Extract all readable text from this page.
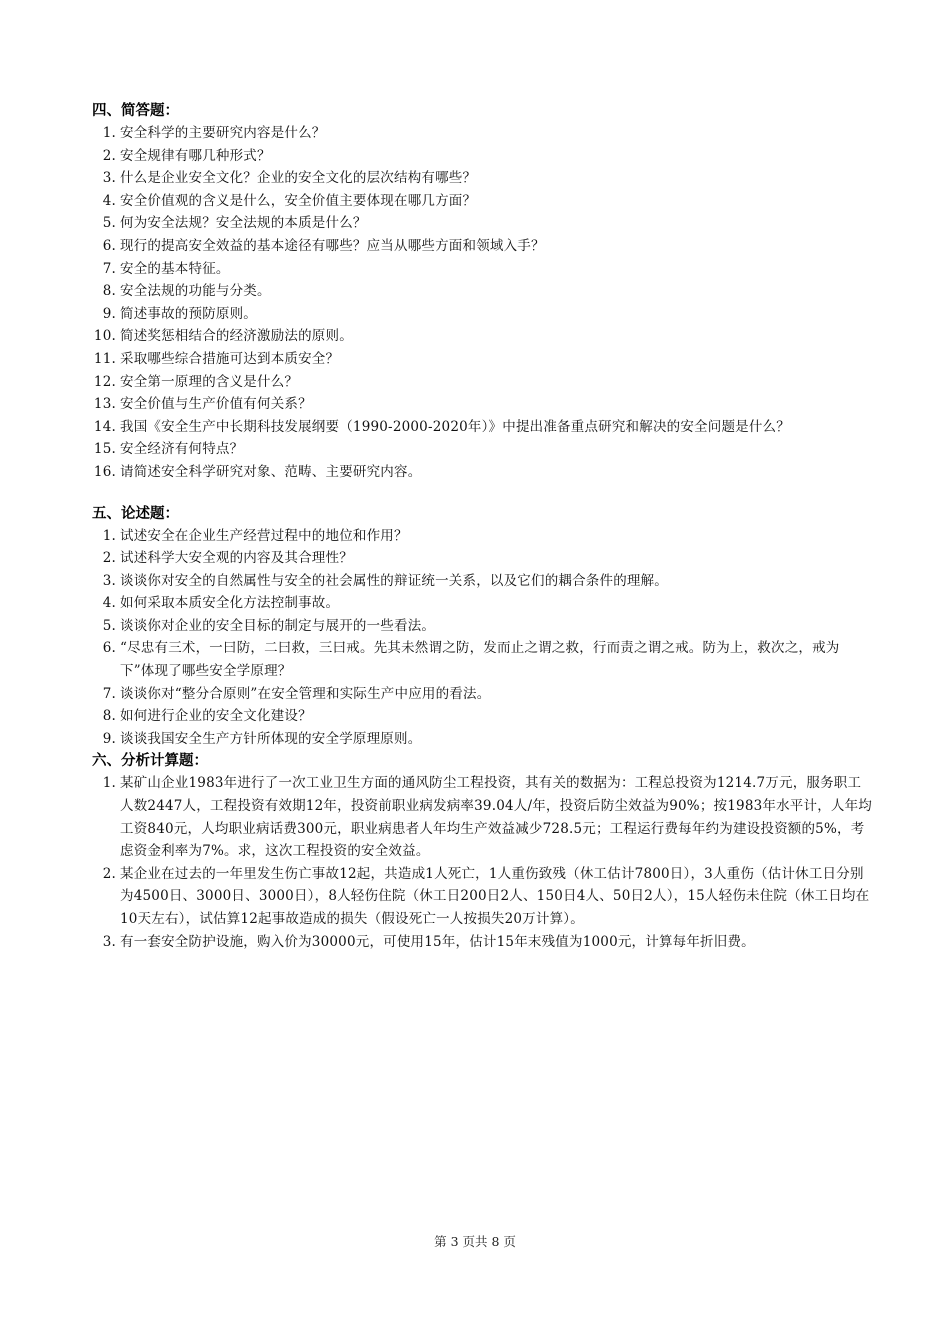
四、简答题：
1. 安全科学的主要研究内容是什么？
2. 安全规律有哪几种形式？
3. 什么是企业安全文化？企业的安全文化的层次结构有哪些？
4. 安全价值观的含义是什么，安全价值主要体现在哪几方面？
5. 何为安全法规？安全法规的本质是什么？
6. 现行的提高安全效益的基本途径有哪些？应当从哪些方面和领域入手？
7. 安全的基本特征。
8. 安全法规的功能与分类。
9. 简述事故的预防原则。
10. 简述奖惩相结合的经济激励法的原则。
11. 采取哪些综合措施可达到本质安全？
12. 安全第一原理的含义是什么？
13. 安全价值与生产价值有何关系？
14. 我国《安全生产中长期科技发展纲要（1990-2000-2020年）》中提出准备重点研究和解决的安全问题是什么？
15. 安全经济有何特点？
16. 请简述安全科学研究对象、范畴、主要研究内容。
五、论述题：
1. 试述安全在企业生产经营过程中的地位和作用？
2. 试述科学大安全观的内容及其合理性？
3. 谈谈你对安全的自然属性与安全的社会属性的辩证统一关系，以及它们的耦合条件的理解。
4. 如何采取本质安全化方法控制事故。
5. 谈谈你对企业的安全目标的制定与展开的一些看法。
6. “尽忠有三术，一曰防，二曰救，三曰戒。先其未然谓之防，发而止之谓之救，行而责之谓之戒。防为上，救次之，戒为下”体现了哪些安全学原理？
7. 谈谈你对“整分合原则”在安全管理和实际生产中应用的看法。
8. 如何进行企业的安全文化建设？
9. 谈谈我国安全生产方针所体现的安全学原理原则。
六、分析计算题：
1. 某矿山企业1983年进行了一次工业卫生方面的通风防尘工程投资，其有关的数据为：工程总投资为1214.7万元，服务职工人数2447人，工程投资有效期12年，投资前职业病发病率39.04人/年，投资后防尘效益为90%；按1983年水平计，人年均工资840元，人均职业病话费300元，职业病患者人年均生产效益减少728.5元；工程运行费每年约为建设投资额的5%，考虑资金利率为7%。求，这次工程投资的安全效益。
2. 某企业在过去的一年里发生伤亡事故12起，共造成1人死亡，1人重伤致残（休工估计7800日），3人重伤（估计休工日分别为4500日、3000日、3000日），8人轻伤住院（休工日200日2人、150日4人、50日2人），15人轻伤未住院（休工日均在10天左右），试估算12起事故造成的损失（假设死亡一人按损失20万计算）。
3. 有一套安全防护设施，购入价为30000元，可使用15年，估计15年末残值为1000元，计算每年折旧费。
第 3 页共 8 页
